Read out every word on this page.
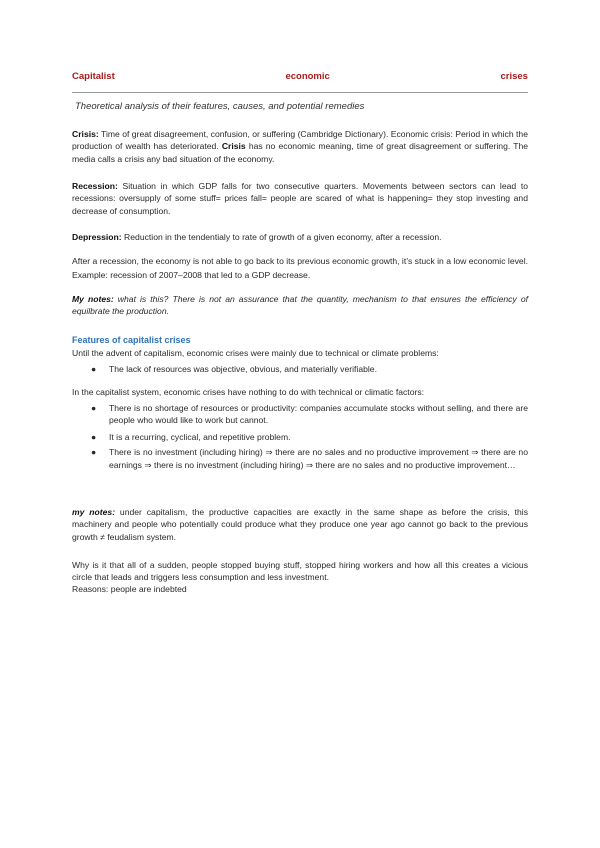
Capitalist	economic	crises
Theoretical analysis of their features, causes, and potential remedies
Crisis: Time of great disagreement, confusion, or suffering (Cambridge Dictionary). Economic crisis: Period in which the production of wealth has deteriorated. Crisis has no economic meaning, time of great disagreement or suffering. The media calls a crisis any bad situation of the economy.
Recession: Situation in which GDP falls for two consecutive quarters. Movements between sectors can lead to recessions: oversupply of some stuff= prices fall= people are scared of what is happening= they stop investing and decrease of consumption.
Depression: Reduction in the tendentialy to rate of growth of a given economy, after a recession.
After a recession, the economy is not able to go back to its previous economic growth, it’s stuck in a low economic level. Example: recession of 2007–2008 that led to a GDP decrease.
My notes: what is this? There is not an assurance that the quantity, mechanism to that ensures the efficiency of equilbrate the production.
Features of capitalist crises
Until the advent of capitalism, economic crises were mainly due to technical or climate problems:
● The lack of resources was objective, obvious, and materially verifiable.
In the capitalist system, economic crises have nothing to do with technical or climatic factors:
● There is no shortage of resources or productivity: companies accumulate stocks without selling, and there are people who would like to work but cannot.
● It is a recurring, cyclical, and repetitive problem.
● There is no investment (including hiring) ⇒ there are no sales and no productive improvement ⇒ there are no earnings ⇒ there is no investment (including hiring) ⇒ there are no sales and no productive improvement…
my notes: under capitalism, the productive capacities are exactly in the same shape as before the crisis, this machinery and people who potentially could produce what they produce one year ago cannot go back to the previous growth ≠ feudalism system.
Why is it that all of a sudden, people stopped buying stuff, stopped hiring workers and how all this creates a vicious circle that leads and triggers less consumption and less investment.
Reasons: people are indebted
